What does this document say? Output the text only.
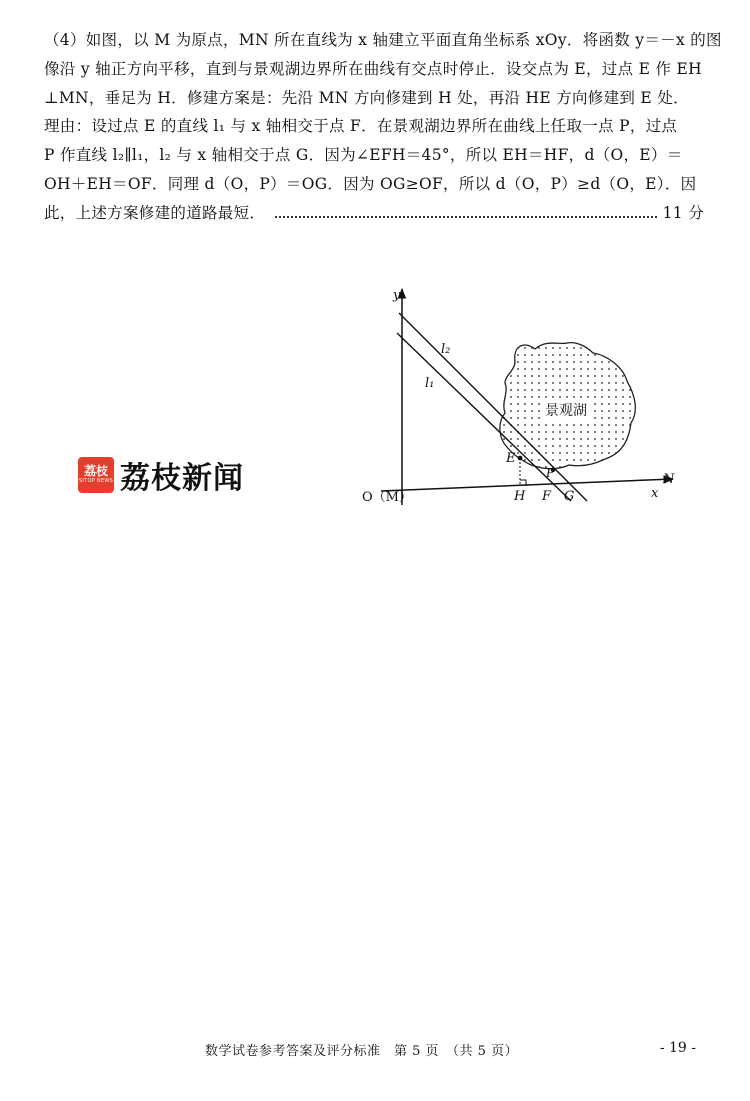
（4）如图，以 M 为原点，MN 所在直线为 x 轴建立平面直角坐标系 xOy．将函数 y＝－x 的图
像沿 y 轴正方向平移，直到与景观湖边界所在曲线有交点时停止．设交点为 E，过点 E 作 EH
⊥MN，垂足为 H．修建方案是：先沿 MN 方向修建到 H 处，再沿 HE 方向修建到 E 处．
理由：设过点 E 的直线 l₁ 与 x 轴相交于点 F．在景观湖边界所在曲线上任取一点 P，过点
P 作直线 l₂∥l₁，l₂ 与 x 轴相交于点 G．因为∠EFH＝45°，所以 EH＝HF，d（O，E）＝
OH＋EH＝OF．同理 d（O，P）＝OG．因为 OG≥OF，所以 d（O，P）≥d（O，E）．因
此，上述方案修建的道路最短．	11 分
荔枝
SITOP NEWS 荔枝新闻
景观湖
y
x
N
O（M）
l₂
l₁
E
P
H F G
数学试卷参考答案及评分标准　第 5 页　（共 5 页）	- 19 -
